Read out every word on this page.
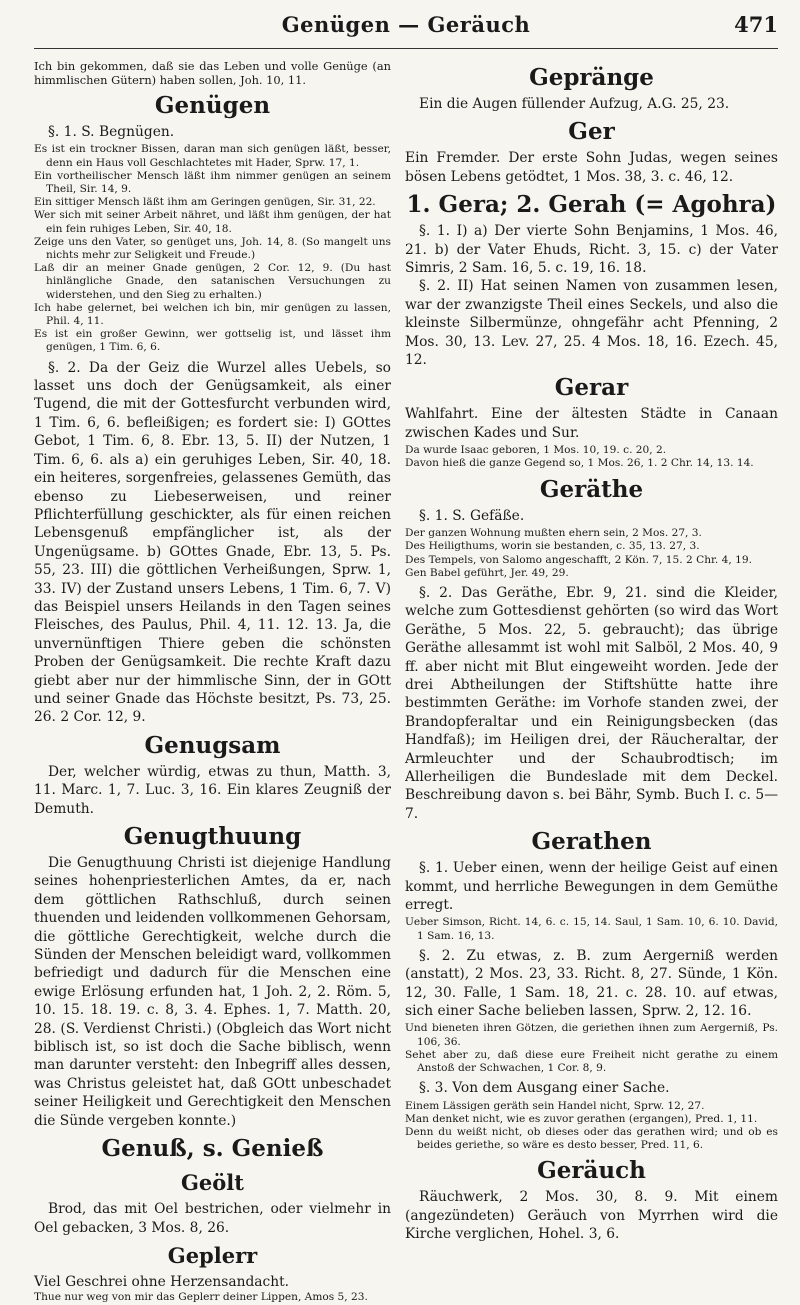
Genügen — Geräuch	471

Ich bin gekommen, daß sie das Leben und volle Genüge (an himmlischen Gütern) haben sollen, Joh. 10, 11.

Genügen

§. 1. S. Begnügen.

Es ist ein trockner Bissen, daran man sich genügen läßt, besser, denn ein Haus voll Geschlachtetes mit Hader, Sprw. 17, 1.

Ein vortheilischer Mensch läßt ihm nimmer genügen an seinem Theil, Sir. 14, 9.

Ein sittiger Mensch läßt ihm am Geringen genügen, Sir. 31, 22.

Wer sich mit seiner Arbeit nähret, und läßt ihm genügen, der hat ein fein ruhiges Leben, Sir. 40, 18.

Zeige uns den Vater, so genüget uns, Joh. 14, 8. (So mangelt uns nichts mehr zur Seligkeit und Freude.)

Laß dir an meiner Gnade genügen, 2 Cor. 12, 9. (Du hast hinlängliche Gnade, den satanischen Versuchungen zu widerstehen, und den Sieg zu erhalten.)

Ich habe gelernet, bei welchen ich bin, mir genügen zu lassen, Phil. 4, 11.

Es ist ein großer Gewinn, wer gottselig ist, und lässet ihm genügen, 1 Tim. 6, 6.

§. 2. Da der Geiz die Wurzel alles Uebels, so lasset uns doch der Genügsamkeit, als einer Tugend, die mit der Gottesfurcht verbunden wird, 1 Tim. 6, 6. befleißigen; es fordert sie: I) GOttes Gebot, 1 Tim. 6, 8. Ebr. 13, 5. II) der Nutzen, 1 Tim. 6, 6. als a) ein geruhiges Leben, Sir. 40, 18. ein heiteres, sorgenfreies, gelassenes Gemüth, das ebenso zu Liebeserweisen, und reiner Pflichterfüllung geschickter, als für einen reichen Lebensgenuß empfänglicher ist, als der Ungenügsame. b) GOttes Gnade, Ebr. 13, 5. Ps. 55, 23. III) die göttlichen Verheißungen, Sprw. 1, 33. IV) der Zustand unsers Lebens, 1 Tim. 6, 7. V) das Beispiel unsers Heilands in den Tagen seines Fleisches, des Paulus, Phil. 4, 11. 12. 13. Ja, die unvernünftigen Thiere geben die schönsten Proben der Genügsamkeit. Die rechte Kraft dazu giebt aber nur der himmlische Sinn, der in GOtt und seiner Gnade das Höchste besitzt, Ps. 73, 25. 26. 2 Cor. 12, 9.

Genugsam

Der, welcher würdig, etwas zu thun, Matth. 3, 11. Marc. 1, 7. Luc. 3, 16. Ein klares Zeugniß der Demuth.

Genugthuung

Die Genugthuung Christi ist diejenige Handlung seines hohenpriesterlichen Amtes, da er, nach dem göttlichen Rathschluß, durch seinen thuenden und leidenden vollkommenen Gehorsam, die göttliche Gerechtigkeit, welche durch die Sünden der Menschen beleidigt ward, vollkommen befriedigt und dadurch für die Menschen eine ewige Erlösung erfunden hat, 1 Joh. 2, 2. Röm. 5, 10. 15. 18. 19. c. 8, 3. 4. Ephes. 1, 7. Matth. 20, 28. (S. Verdienst Christi.) (Obgleich das Wort nicht biblisch ist, so ist doch die Sache biblisch, wenn man darunter versteht: den Inbegriff alles dessen, was Christus geleistet hat, daß GOtt unbeschadet seiner Heiligkeit und Gerechtigkeit den Menschen die Sünde vergeben konnte.)

Genuß, s. Genieß
Geölt

Brod, das mit Oel bestrichen, oder vielmehr in Oel gebacken, 3 Mos. 8, 26.

Geplerr

Viel Geschrei ohne Herzensandacht.

Thue nur weg von mir das Geplerr deiner Lippen, Amos 5, 23.

Gepränge

Ein die Augen füllender Aufzug, A.G. 25, 23.

Ger

Ein Fremder. Der erste Sohn Judas, wegen seines bösen Lebens getödtet, 1 Mos. 38, 3. c. 46, 12.

1. Gera; 2. Gerah (= Agohra)

§. 1. I) a) Der vierte Sohn Benjamins, 1 Mos. 46, 21. b) der Vater Ehuds, Richt. 3, 15. c) der Vater Simris, 2 Sam. 16, 5. c. 19, 16. 18.

§. 2. II) Hat seinen Namen von zusammen lesen, war der zwanzigste Theil eines Seckels, und also die kleinste Silbermünze, ohngefähr acht Pfenning, 2 Mos. 30, 13. Lev. 27, 25. 4 Mos. 18, 16. Ezech. 45, 12.

Gerar

Wahlfahrt. Eine der ältesten Städte in Canaan zwischen Kades und Sur.

Da wurde Isaac geboren, 1 Mos. 10, 19. c. 20, 2.

Davon hieß die ganze Gegend so, 1 Mos. 26, 1. 2 Chr. 14, 13. 14.

Geräthe

§. 1. S. Gefäße.

Der ganzen Wohnung mußten ehern sein, 2 Mos. 27, 3.

Des Heiligthums, worin sie bestanden, c. 35, 13. 27, 3.

Des Tempels, von Salomo angeschafft, 2 Kön. 7, 15. 2 Chr. 4, 19.

Gen Babel geführt, Jer. 49, 29.

§. 2. Das Geräthe, Ebr. 9, 21. sind die Kleider, welche zum Gottesdienst gehörten (so wird das Wort Geräthe, 5 Mos. 22, 5. gebraucht); das übrige Geräthe allesammt ist wohl mit Salböl, 2 Mos. 40, 9 ff. aber nicht mit Blut eingeweiht worden. Jede der drei Abtheilungen der Stiftshütte hatte ihre bestimmten Geräthe: im Vorhofe standen zwei, der Brandopferaltar und ein Reinigungsbecken (das Handfaß); im Heiligen drei, der Räucheraltar, der Armleuchter und der Schaubrodtisch; im Allerheiligen die Bundeslade mit dem Deckel. Beschreibung davon s. bei Bähr, Symb. Buch I. c. 5—7.

Gerathen

§. 1. Ueber einen, wenn der heilige Geist auf einen kommt, und herrliche Bewegungen in dem Gemüthe erregt.

Ueber Simson, Richt. 14, 6. c. 15, 14. Saul, 1 Sam. 10, 6. 10. David, 1 Sam. 16, 13.

§. 2. Zu etwas, z. B. zum Aergerniß werden (anstatt), 2 Mos. 23, 33. Richt. 8, 27. Sünde, 1 Kön. 12, 30. Falle, 1 Sam. 18, 21. c. 28. 10. auf etwas, sich einer Sache belieben lassen, Sprw. 2, 12. 16.

Und bieneten ihren Götzen, die geriethen ihnen zum Aergerniß, Ps. 106, 36.

Sehet aber zu, daß diese eure Freiheit nicht gerathe zu einem Anstoß der Schwachen, 1 Cor. 8, 9.

§. 3. Von dem Ausgang einer Sache.

Einem Lässigen geräth sein Handel nicht, Sprw. 12, 27.

Man denket nicht, wie es zuvor gerathen (ergangen), Pred. 1, 11.

Denn du weißt nicht, ob dieses oder das gerathen wird; und ob es beides geriethe, so wäre es desto besser, Pred. 11, 6.

Geräuch

Räuchwerk, 2 Mos. 30, 8. 9. Mit einem (angezündeten) Geräuch von Myrrhen wird die Kirche verglichen, Hohel. 3, 6.
